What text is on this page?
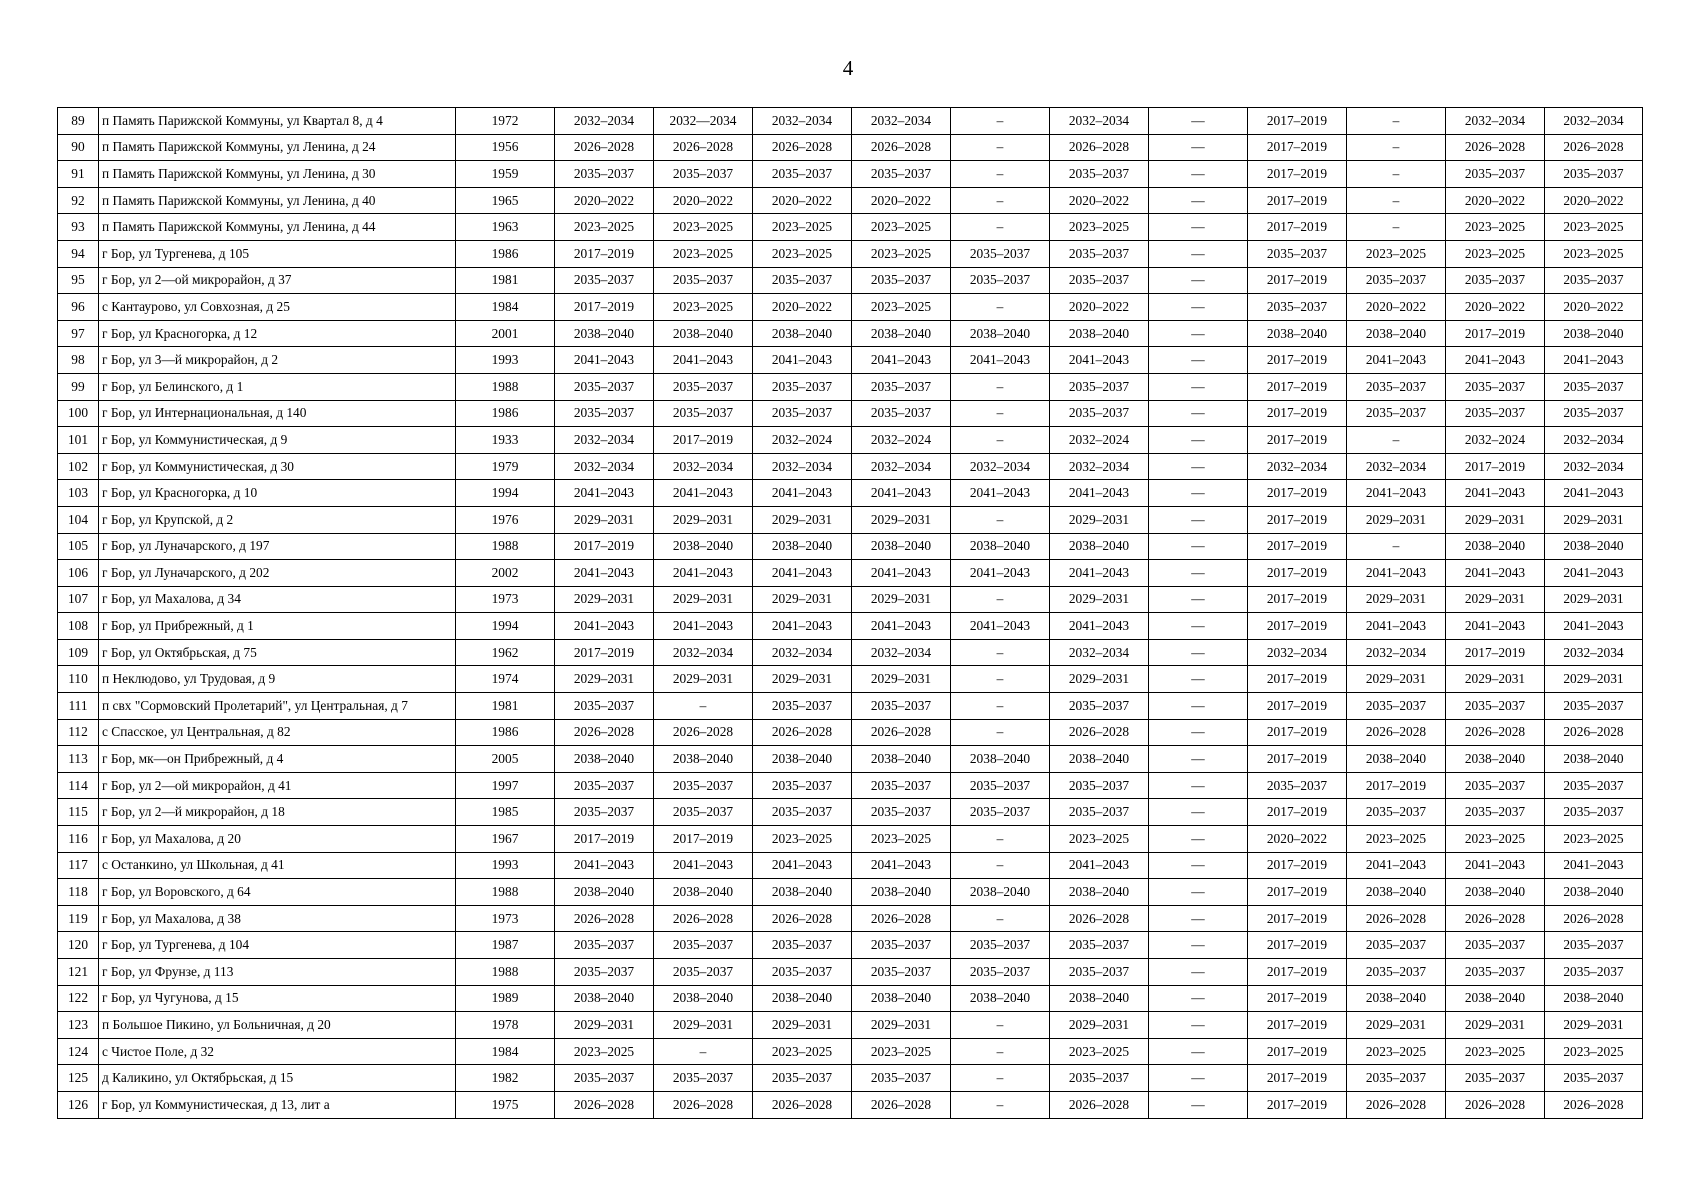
4
89	п Память Парижской Коммуны, ул Квартал 8, д 4	1972	2032–2034	2032—2034	2032–2034	2032–2034	–	2032–2034	—	2017–2019	–	2032–2034	2032–2034
90	п Память Парижской Коммуны, ул Ленина, д 24	1956	2026–2028	2026–2028	2026–2028	2026–2028	–	2026–2028	—	2017–2019	–	2026–2028	2026–2028
91	п Память Парижской Коммуны, ул Ленина, д 30	1959	2035–2037	2035–2037	2035–2037	2035–2037	–	2035–2037	—	2017–2019	–	2035–2037	2035–2037
92	п Память Парижской Коммуны, ул Ленина, д 40	1965	2020–2022	2020–2022	2020–2022	2020–2022	–	2020–2022	—	2017–2019	–	2020–2022	2020–2022
93	п Память Парижской Коммуны, ул Ленина, д 44	1963	2023–2025	2023–2025	2023–2025	2023–2025	–	2023–2025	—	2017–2019	–	2023–2025	2023–2025
94	г Бор, ул Тургенева, д 105	1986	2017–2019	2023–2025	2023–2025	2023–2025	2035–2037	2035–2037	—	2035–2037	2023–2025	2023–2025	2023–2025
95	г Бор, ул 2—ой микрорайон, д 37	1981	2035–2037	2035–2037	2035–2037	2035–2037	2035–2037	2035–2037	—	2017–2019	2035–2037	2035–2037	2035–2037
96	с Кантаурово, ул Совхозная, д 25	1984	2017–2019	2023–2025	2020–2022	2023–2025	–	2020–2022	—	2035–2037	2020–2022	2020–2022	2020–2022
97	г Бор, ул Красногорка, д 12	2001	2038–2040	2038–2040	2038–2040	2038–2040	2038–2040	2038–2040	—	2038–2040	2038–2040	2017–2019	2038–2040
98	г Бор, ул 3—й микрорайон, д 2	1993	2041–2043	2041–2043	2041–2043	2041–2043	2041–2043	2041–2043	—	2017–2019	2041–2043	2041–2043	2041–2043
99	г Бор, ул Белинского, д 1	1988	2035–2037	2035–2037	2035–2037	2035–2037	–	2035–2037	—	2017–2019	2035–2037	2035–2037	2035–2037
100	г Бор, ул Интернациональная, д 140	1986	2035–2037	2035–2037	2035–2037	2035–2037	–	2035–2037	—	2017–2019	2035–2037	2035–2037	2035–2037
101	г Бор, ул Коммунистическая, д 9	1933	2032–2034	2017–2019	2032–2024	2032–2024	–	2032–2024	—	2017–2019	–	2032–2024	2032–2034
102	г Бор, ул Коммунистическая, д 30	1979	2032–2034	2032–2034	2032–2034	2032–2034	2032–2034	2032–2034	—	2032–2034	2032–2034	2017–2019	2032–2034
103	г Бор, ул Красногорка, д 10	1994	2041–2043	2041–2043	2041–2043	2041–2043	2041–2043	2041–2043	—	2017–2019	2041–2043	2041–2043	2041–2043
104	г Бор, ул Крупской, д 2	1976	2029–2031	2029–2031	2029–2031	2029–2031	–	2029–2031	—	2017–2019	2029–2031	2029–2031	2029–2031
105	г Бор, ул Луначарского, д 197	1988	2017–2019	2038–2040	2038–2040	2038–2040	2038–2040	2038–2040	—	2017–2019	–	2038–2040	2038–2040
106	г Бор, ул Луначарского, д 202	2002	2041–2043	2041–2043	2041–2043	2041–2043	2041–2043	2041–2043	—	2017–2019	2041–2043	2041–2043	2041–2043
107	г Бор, ул Махалова, д 34	1973	2029–2031	2029–2031	2029–2031	2029–2031	–	2029–2031	—	2017–2019	2029–2031	2029–2031	2029–2031
108	г Бор, ул Прибрежный, д 1	1994	2041–2043	2041–2043	2041–2043	2041–2043	2041–2043	2041–2043	—	2017–2019	2041–2043	2041–2043	2041–2043
109	г Бор, ул Октябрьская, д 75	1962	2017–2019	2032–2034	2032–2034	2032–2034	–	2032–2034	—	2032–2034	2032–2034	2017–2019	2032–2034
110	п Неклюдово, ул Трудовая, д 9	1974	2029–2031	2029–2031	2029–2031	2029–2031	–	2029–2031	—	2017–2019	2029–2031	2029–2031	2029–2031
111	п свх "Сормовский Пролетарий", ул Центральная, д 7	1981	2035–2037	–	2035–2037	2035–2037	–	2035–2037	—	2017–2019	2035–2037	2035–2037	2035–2037
112	с Спасское, ул Центральная, д 82	1986	2026–2028	2026–2028	2026–2028	2026–2028	–	2026–2028	—	2017–2019	2026–2028	2026–2028	2026–2028
113	г Бор, мк—он Прибрежный, д 4	2005	2038–2040	2038–2040	2038–2040	2038–2040	2038–2040	2038–2040	—	2017–2019	2038–2040	2038–2040	2038–2040
114	г Бор, ул 2—ой микрорайон, д 41	1997	2035–2037	2035–2037	2035–2037	2035–2037	2035–2037	2035–2037	—	2035–2037	2017–2019	2035–2037	2035–2037
115	г Бор, ул 2—й микрорайон, д 18	1985	2035–2037	2035–2037	2035–2037	2035–2037	2035–2037	2035–2037	—	2017–2019	2035–2037	2035–2037	2035–2037
116	г Бор, ул Махалова, д 20	1967	2017–2019	2017–2019	2023–2025	2023–2025	–	2023–2025	—	2020–2022	2023–2025	2023–2025	2023–2025
117	с Останкино, ул Школьная, д 41	1993	2041–2043	2041–2043	2041–2043	2041–2043	–	2041–2043	—	2017–2019	2041–2043	2041–2043	2041–2043
118	г Бор, ул Воровского, д 64	1988	2038–2040	2038–2040	2038–2040	2038–2040	2038–2040	2038–2040	—	2017–2019	2038–2040	2038–2040	2038–2040
119	г Бор, ул Махалова, д 38	1973	2026–2028	2026–2028	2026–2028	2026–2028	–	2026–2028	—	2017–2019	2026–2028	2026–2028	2026–2028
120	г Бор, ул Тургенева, д 104	1987	2035–2037	2035–2037	2035–2037	2035–2037	2035–2037	2035–2037	—	2017–2019	2035–2037	2035–2037	2035–2037
121	г Бор, ул Фрунзе, д 113	1988	2035–2037	2035–2037	2035–2037	2035–2037	2035–2037	2035–2037	—	2017–2019	2035–2037	2035–2037	2035–2037
122	г Бор, ул Чугунова, д 15	1989	2038–2040	2038–2040	2038–2040	2038–2040	2038–2040	2038–2040	—	2017–2019	2038–2040	2038–2040	2038–2040
123	п Большое Пикино, ул Больничная, д 20	1978	2029–2031	2029–2031	2029–2031	2029–2031	–	2029–2031	—	2017–2019	2029–2031	2029–2031	2029–2031
124	с Чистое Поле, д 32	1984	2023–2025	–	2023–2025	2023–2025	–	2023–2025	—	2017–2019	2023–2025	2023–2025	2023–2025
125	д Каликино, ул Октябрьская, д 15	1982	2035–2037	2035–2037	2035–2037	2035–2037	–	2035–2037	—	2017–2019	2035–2037	2035–2037	2035–2037
126	г Бор, ул Коммунистическая, д 13, лит а	1975	2026–2028	2026–2028	2026–2028	2026–2028	–	2026–2028	—	2017–2019	2026–2028	2026–2028	2026–2028
